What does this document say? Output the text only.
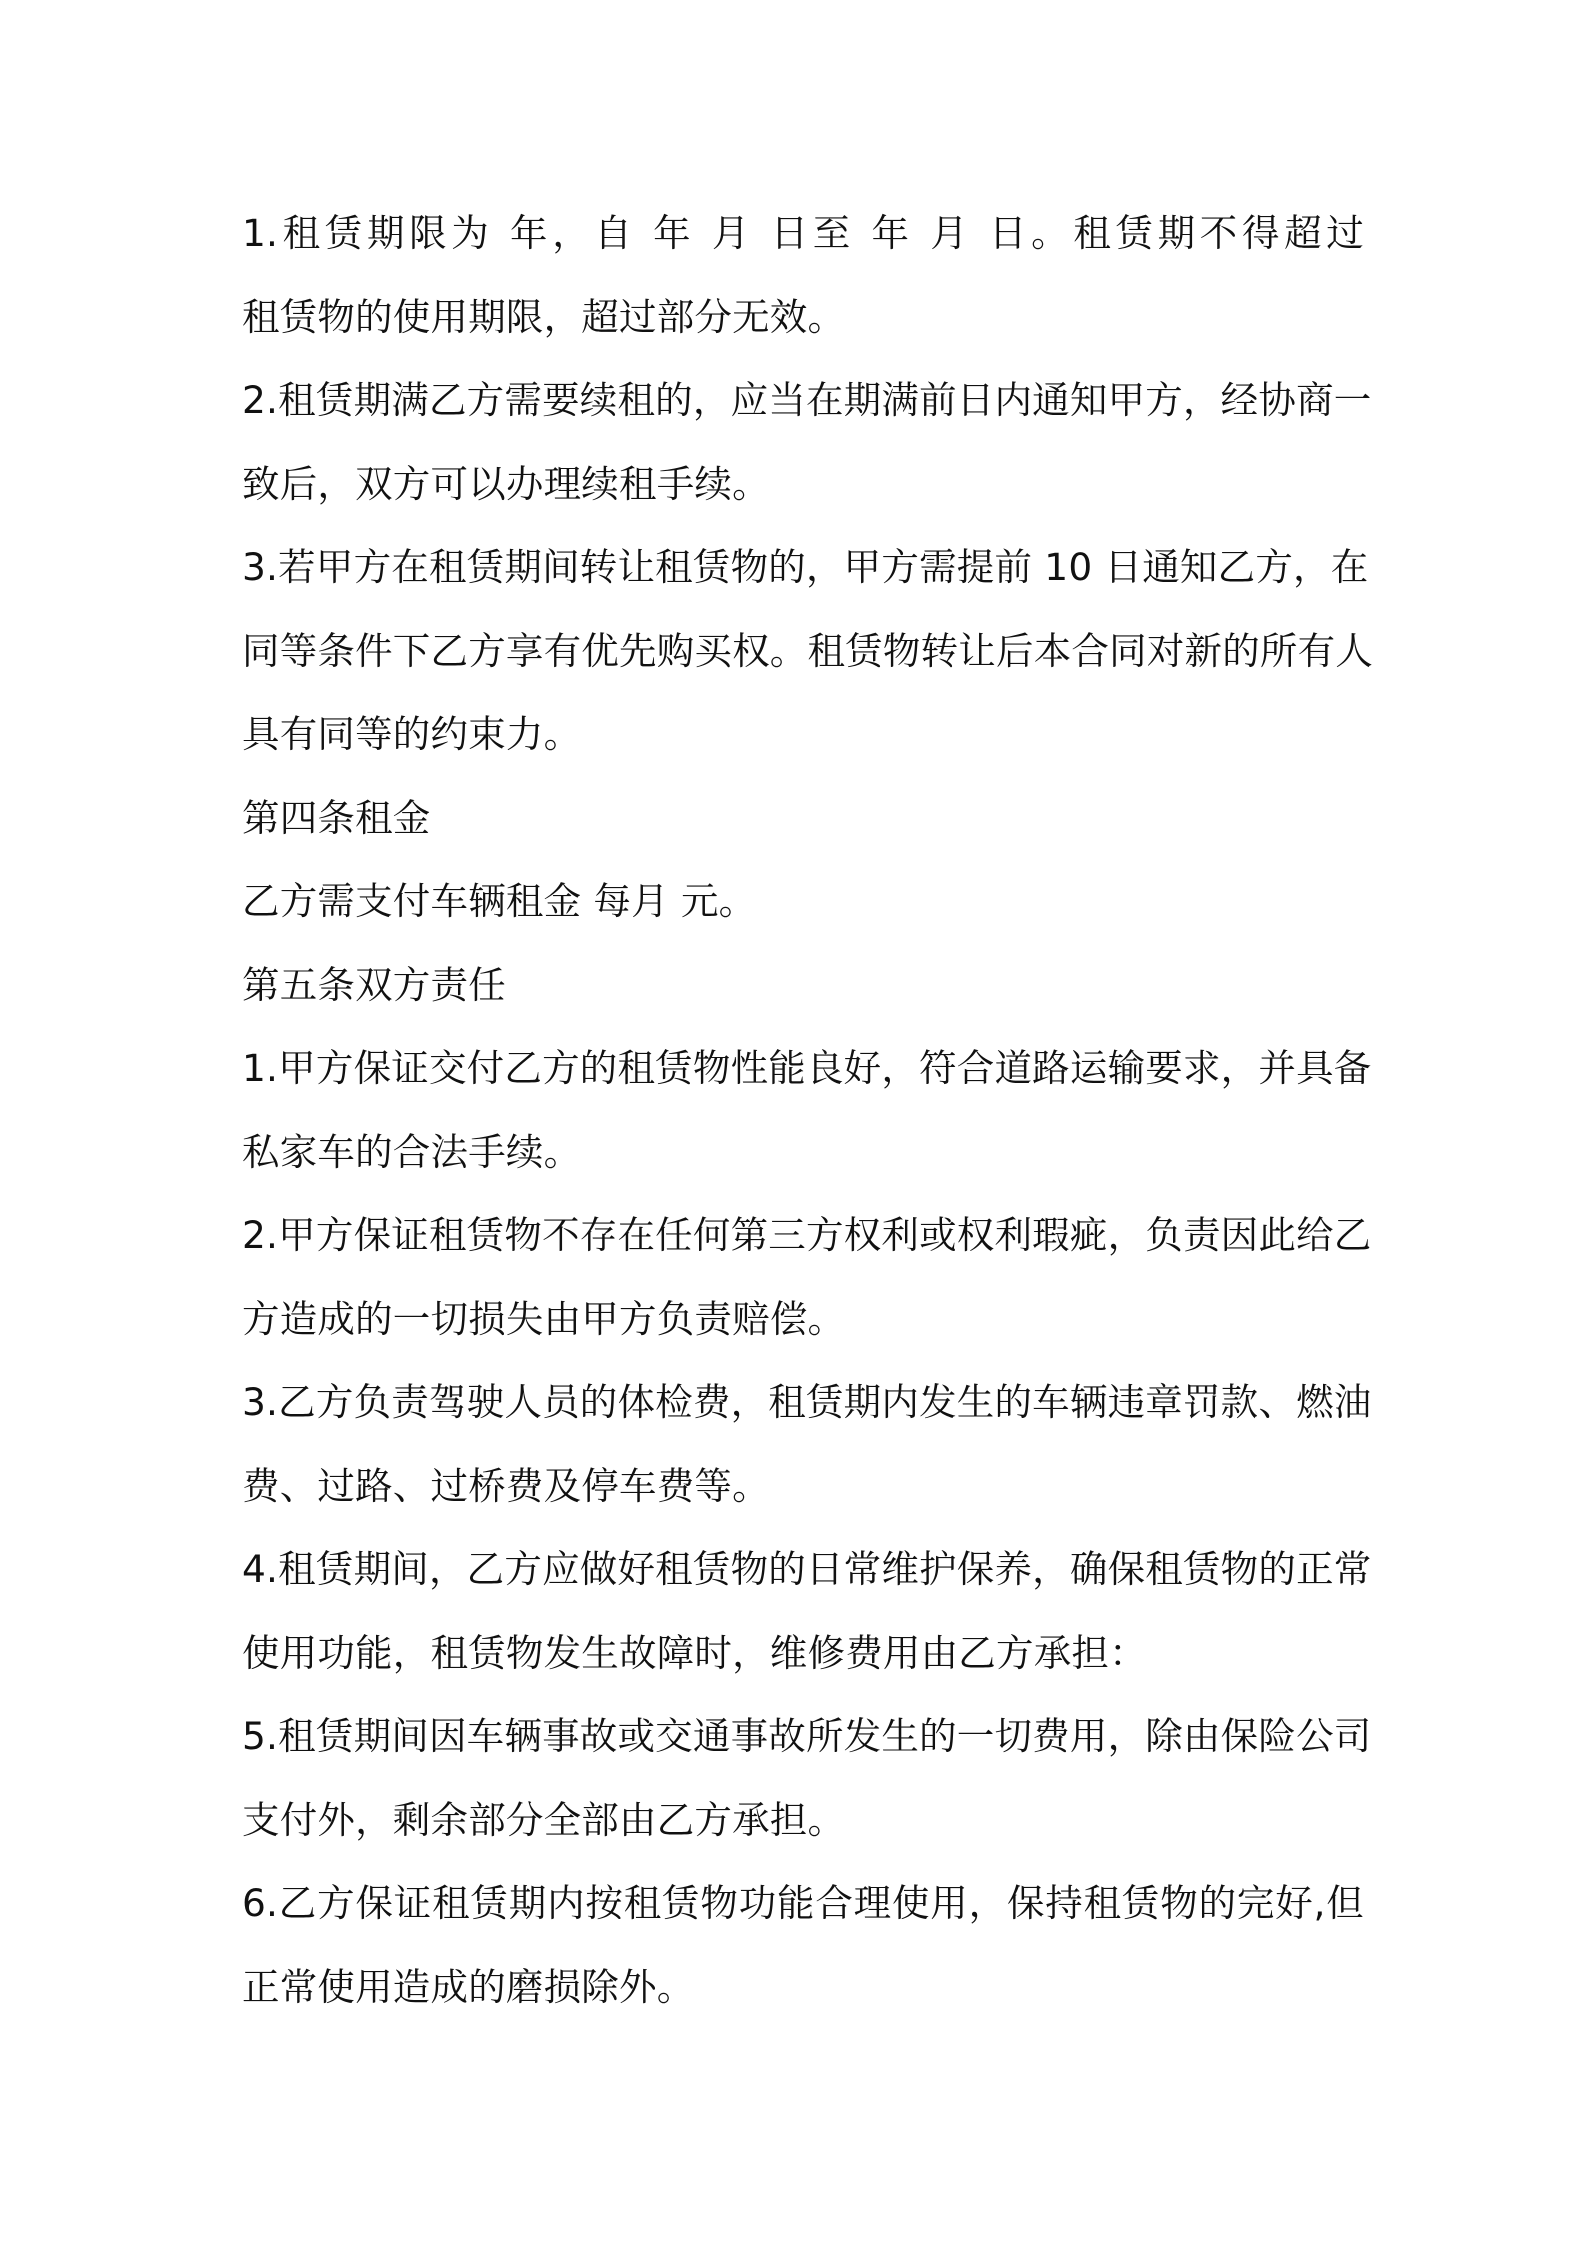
1.租赁期限为 年，自 年 月 日至 年 月 日。租赁期不得超过
租赁物的使用期限，超过部分无效。
2.租赁期满乙方需要续租的，应当在期满前日内通知甲方，经协商一
致后，双方可以办理续租手续。
3.若甲方在租赁期间转让租赁物的，甲方需提前 10 日通知乙方，在
同等条件下乙方享有优先购买权。租赁物转让后本合同对新的所有人
具有同等的约束力。
第四条租金
乙方需支付车辆租金 每月 元。
第五条双方责任
1.甲方保证交付乙方的租赁物性能良好，符合道路运输要求，并具备
私家车的合法手续。
2.甲方保证租赁物不存在任何第三方权利或权利瑕疵，负责因此给乙
方造成的一切损失由甲方负责赔偿。
3.乙方负责驾驶人员的体检费，租赁期内发生的车辆违章罚款、燃油
费、过路、过桥费及停车费等。
4.租赁期间，乙方应做好租赁物的日常维护保养，确保租赁物的正常
使用功能，租赁物发生故障时，维修费用由乙方承担：
5.租赁期间因车辆事故或交通事故所发生的一切费用，除由保险公司
支付外，剩余部分全部由乙方承担。
6.乙方保证租赁期内按租赁物功能合理使用，保持租赁物的完好,但
正常使用造成的磨损除外。
